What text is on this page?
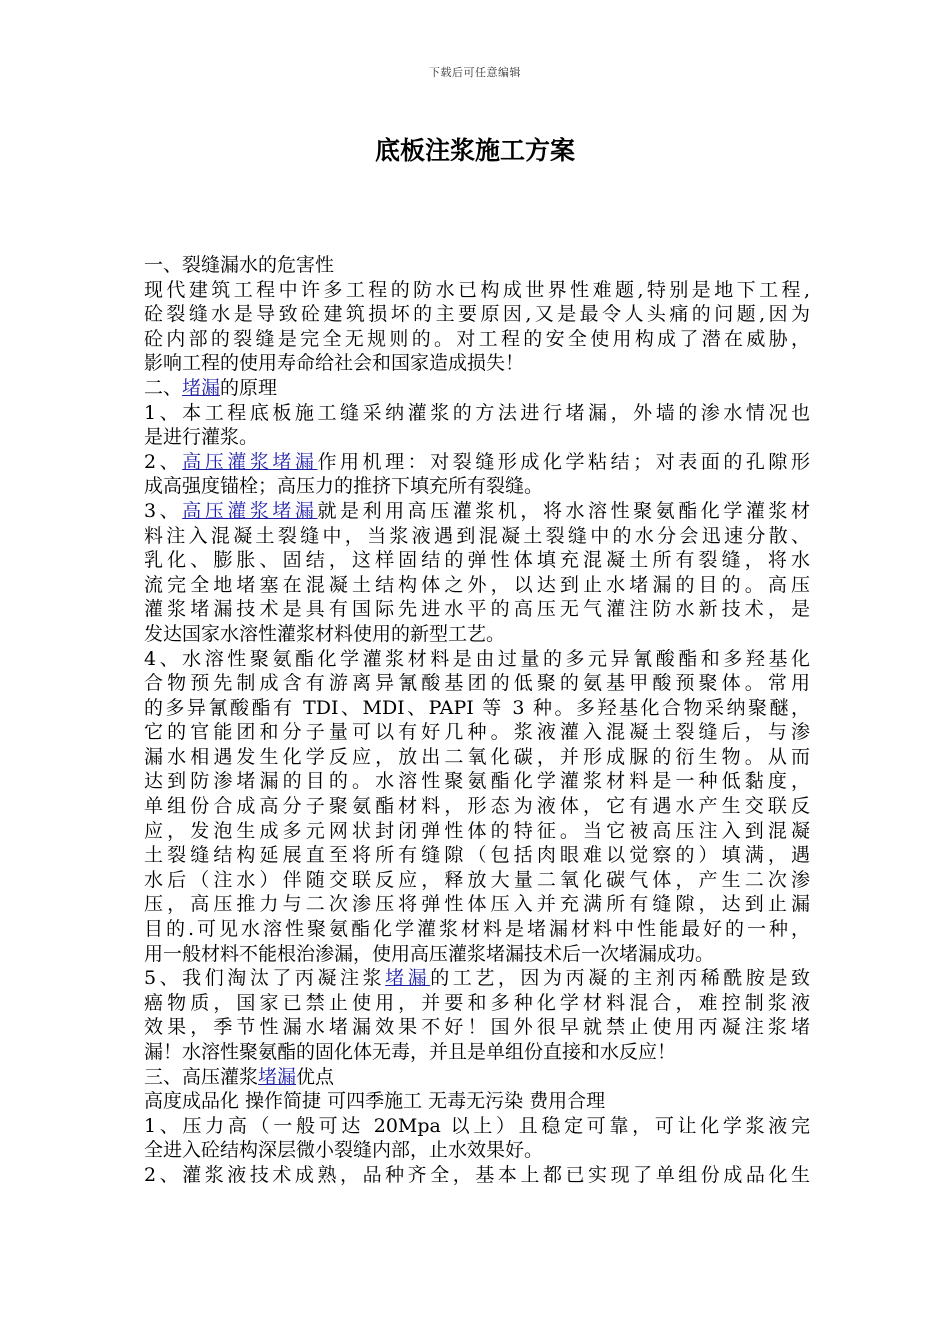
下载后可任意编辑
底板注浆施工方案
一、裂缝漏水的危害性
现代建筑工程中许多工程的防水已构成世界性难题,特别是地下工程,
砼裂缝水是导致砼建筑损坏的主要原因,又是最令人头痛的问题,因为
砼内部的裂缝是完全无规则的。对工程的安全使用构成了潜在威胁，
影响工程的使用寿命给社会和国家造成损失！
二、堵漏的原理
1、本工程底板施工缝采纳灌浆的方法进行堵漏，外墙的渗水情况也
是进行灌浆。
2、高压灌浆堵漏作用机理：对裂缝形成化学粘结；对表面的孔隙形
成高强度锚栓；高压力的推挤下填充所有裂缝。
3、高压灌浆堵漏就是利用高压灌浆机，将水溶性聚氨酯化学灌浆材
料注入混凝土裂缝中，当浆液遇到混凝土裂缝中的水分会迅速分散、
乳化、膨胀、固结，这样固结的弹性体填充混凝土所有裂缝，将水
流完全地堵塞在混凝土结构体之外，以达到止水堵漏的目的。高压
灌浆堵漏技术是具有国际先进水平的高压无气灌注防水新技术，是
发达国家水溶性灌浆材料使用的新型工艺。
4、水溶性聚氨酯化学灌浆材料是由过量的多元异氰酸酯和多羟基化
合物预先制成含有游离异氰酸基团的低聚的氨基甲酸预聚体。常用
的多异氰酸酯有 TDI、MDI、PAPI 等 3 种。多羟基化合物采纳聚醚，
它的官能团和分子量可以有好几种。浆液灌入混凝土裂缝后，与渗
漏水相遇发生化学反应，放出二氧化碳，并形成脲的衍生物。从而
达到防渗堵漏的目的。水溶性聚氨酯化学灌浆材料是一种低黏度，
单组份合成高分子聚氨酯材料，形态为液体，它有遇水产生交联反
应，发泡生成多元网状封闭弹性体的特征。当它被高压注入到混凝
土裂缝结构延展直至将所有缝隙（包括肉眼难以觉察的）填满，遇
水后（注水）伴随交联反应，释放大量二氧化碳气体，产生二次渗
压，高压推力与二次渗压将弹性体压入并充满所有缝隙，达到止漏
目的.可见水溶性聚氨酯化学灌浆材料是堵漏材料中性能最好的一种，
用一般材料不能根治渗漏，使用高压灌浆堵漏技术后一次堵漏成功。
5、我们淘汰了丙凝注浆堵漏的工艺，因为丙凝的主剂丙稀酰胺是致
癌物质，国家已禁止使用，并要和多种化学材料混合，难控制浆液
效果，季节性漏水堵漏效果不好！国外很早就禁止使用丙凝注浆堵
漏！水溶性聚氨酯的固化体无毒，并且是单组份直接和水反应！
三、高压灌浆堵漏优点
高度成品化 操作简捷 可四季施工 无毒无污染 费用合理
1、压力高（一般可达 20Mpa 以上）且稳定可靠，可让化学浆液完
全进入砼结构深层微小裂缝内部，止水效果好。
2、灌浆液技术成熟，品种齐全，基本上都已实现了单组份成品化生
